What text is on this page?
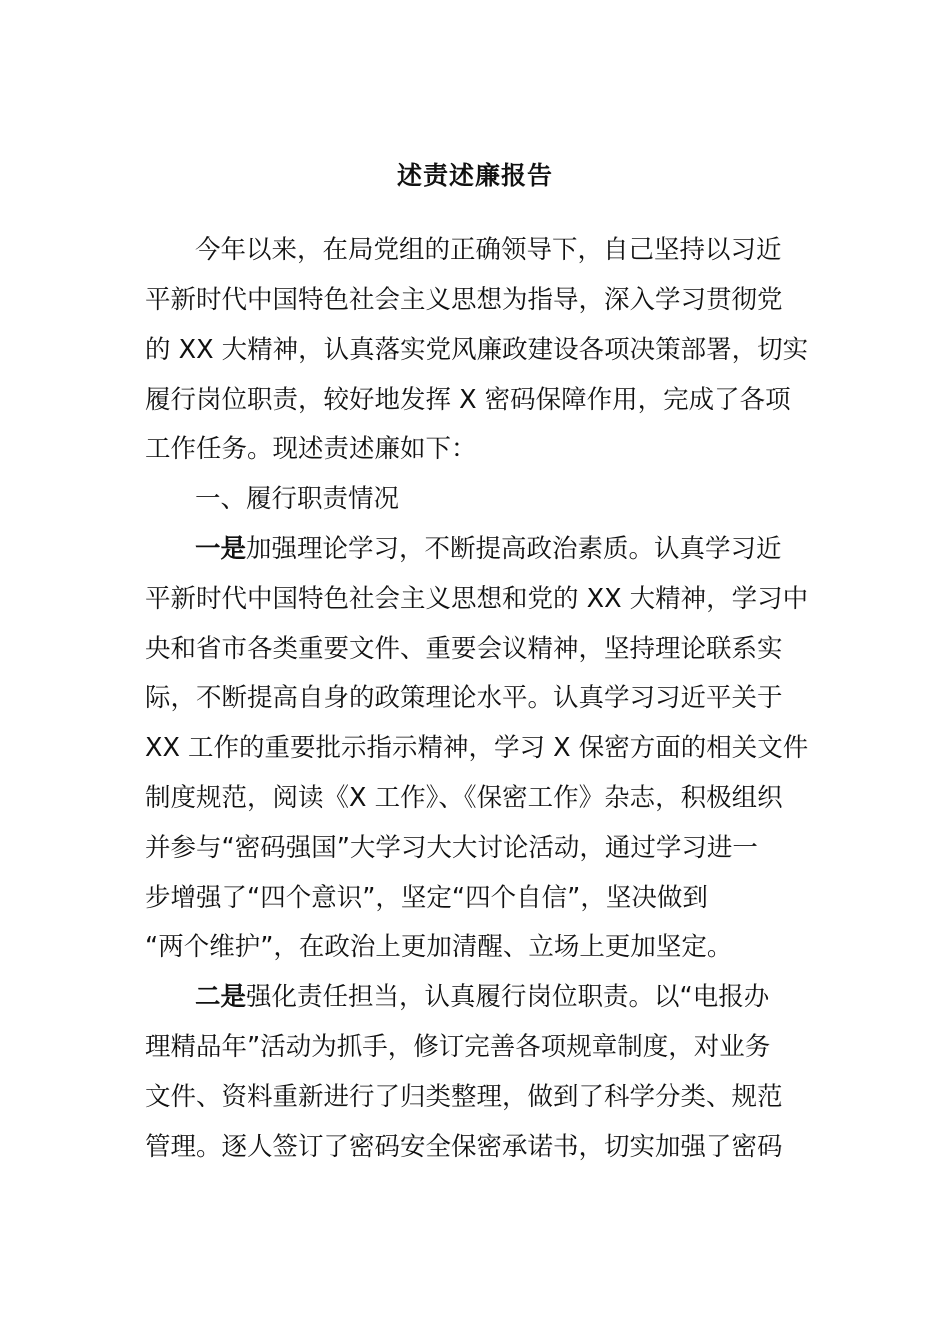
述责述廉报告
今年以来，在局党组的正确领导下，自己坚持以习近
平新时代中国特色社会主义思想为指导，深入学习贯彻党
的 XX 大精神，认真落实党风廉政建设各项决策部署，切实
履行岗位职责，较好地发挥 X 密码保障作用，完成了各项
工作任务。现述责述廉如下：
一、履行职责情况
一是加强理论学习，不断提高政治素质。认真学习近
平新时代中国特色社会主义思想和党的 XX 大精神，学习中
央和省市各类重要文件、重要会议精神，坚持理论联系实
际，不断提高自身的政策理论水平。认真学习习近平关于
XX 工作的重要批示指示精神，学习 X 保密方面的相关文件
制度规范，阅读《X 工作》、《保密工作》杂志，积极组织
并参与“密码强国”大学习大大讨论活动，通过学习进一
步增强了“四个意识”，坚定“四个自信”，坚决做到
“两个维护”，在政治上更加清醒、立场上更加坚定。
二是强化责任担当，认真履行岗位职责。以“电报办
理精品年”活动为抓手，修订完善各项规章制度，对业务
文件、资料重新进行了归类整理，做到了科学分类、规范
管理。逐人签订了密码安全保密承诺书，切实加强了密码
